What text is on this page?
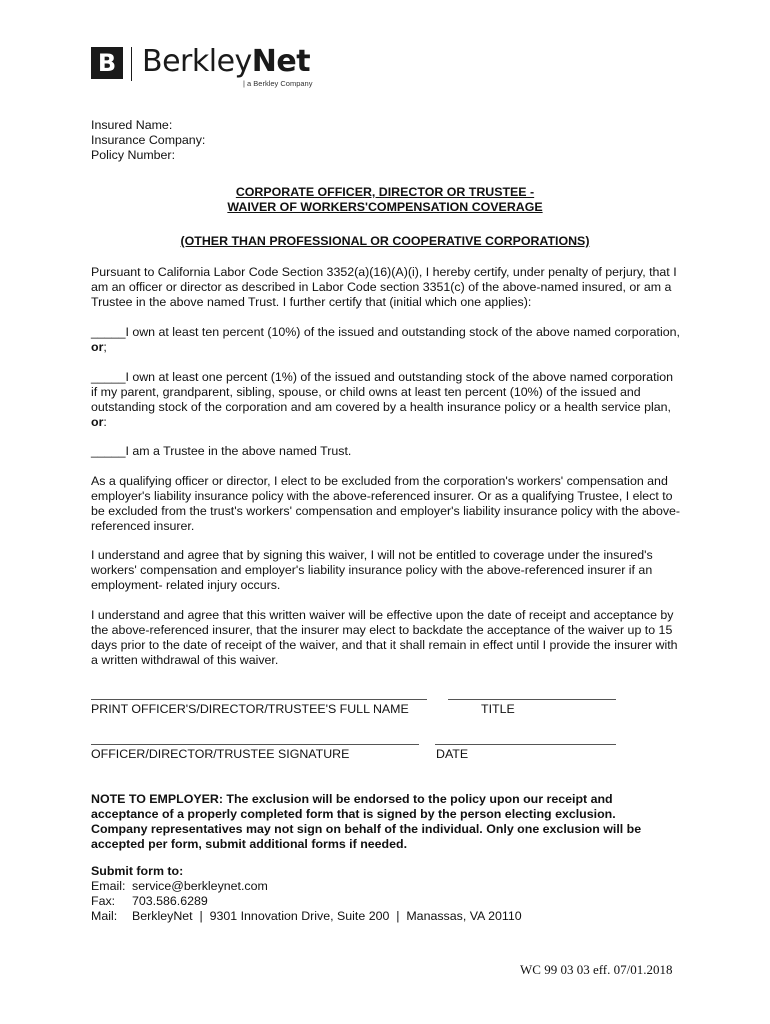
B BerkleyNet
| a Berkley Company
Insured Name:
Insurance Company:
Policy Number:
CORPORATE OFFICER, DIRECTOR OR TRUSTEE -
WAIVER OF WORKERS'COMPENSATION COVERAGE
(OTHER THAN PROFESSIONAL OR COOPERATIVE CORPORATIONS)
Pursuant to California Labor Code Section 3352(a)(16)(A)(i), I hereby certify, under penalty of perjury, that I am an officer or director as described in Labor Code section 3351(c) of the above-named insured, or am a Trustee in the above named Trust. I further certify that (initial which one applies):
_____I own at least ten percent (10%) of the issued and outstanding stock of the above named corporation, or;
_____I own at least one percent (1%) of the issued and outstanding stock of the above named corporation if my parent, grandparent, sibling, spouse, or child owns at least ten percent (10%) of the issued and outstanding stock of the corporation and am covered by a health insurance policy or a health service plan, or:
_____I am a Trustee in the above named Trust.
As a qualifying officer or director, I elect to be excluded from the corporation's workers' compensation and employer's liability insurance policy with the above-referenced insurer. Or as a qualifying Trustee, I elect to be excluded from the trust's workers' compensation and employer's liability insurance policy with the above- referenced insurer.
I understand and agree that by signing this waiver, I will not be entitled to coverage under the insured's workers' compensation and employer's liability insurance policy with the above-referenced insurer if an employment- related injury occurs.
I understand and agree that this written waiver will be effective upon the date of receipt and acceptance by the above-referenced insurer, that the insurer may elect to backdate the acceptance of the waiver up to 15 days prior to the date of receipt of the waiver, and that it shall remain in effect until I provide the insurer with a written withdrawal of this waiver.
PRINT OFFICER'S/DIRECTOR/TRUSTEE'S FULL NAME	TITLE
OFFICER/DIRECTOR/TRUSTEE SIGNATURE	DATE
NOTE TO EMPLOYER: The exclusion will be endorsed to the policy upon our receipt and acceptance of a properly completed form that is signed by the person electing exclusion. Company representatives may not sign on behalf of the individual. Only one exclusion will be accepted per form, submit additional forms if needed.
Submit form to:
Email: service@berkleynet.com
Fax: 703.586.6289
Mail: BerkleyNet  |  9301 Innovation Drive, Suite 200  |  Manassas, VA 20110
WC 99 03 03 eff. 07/01.2018
